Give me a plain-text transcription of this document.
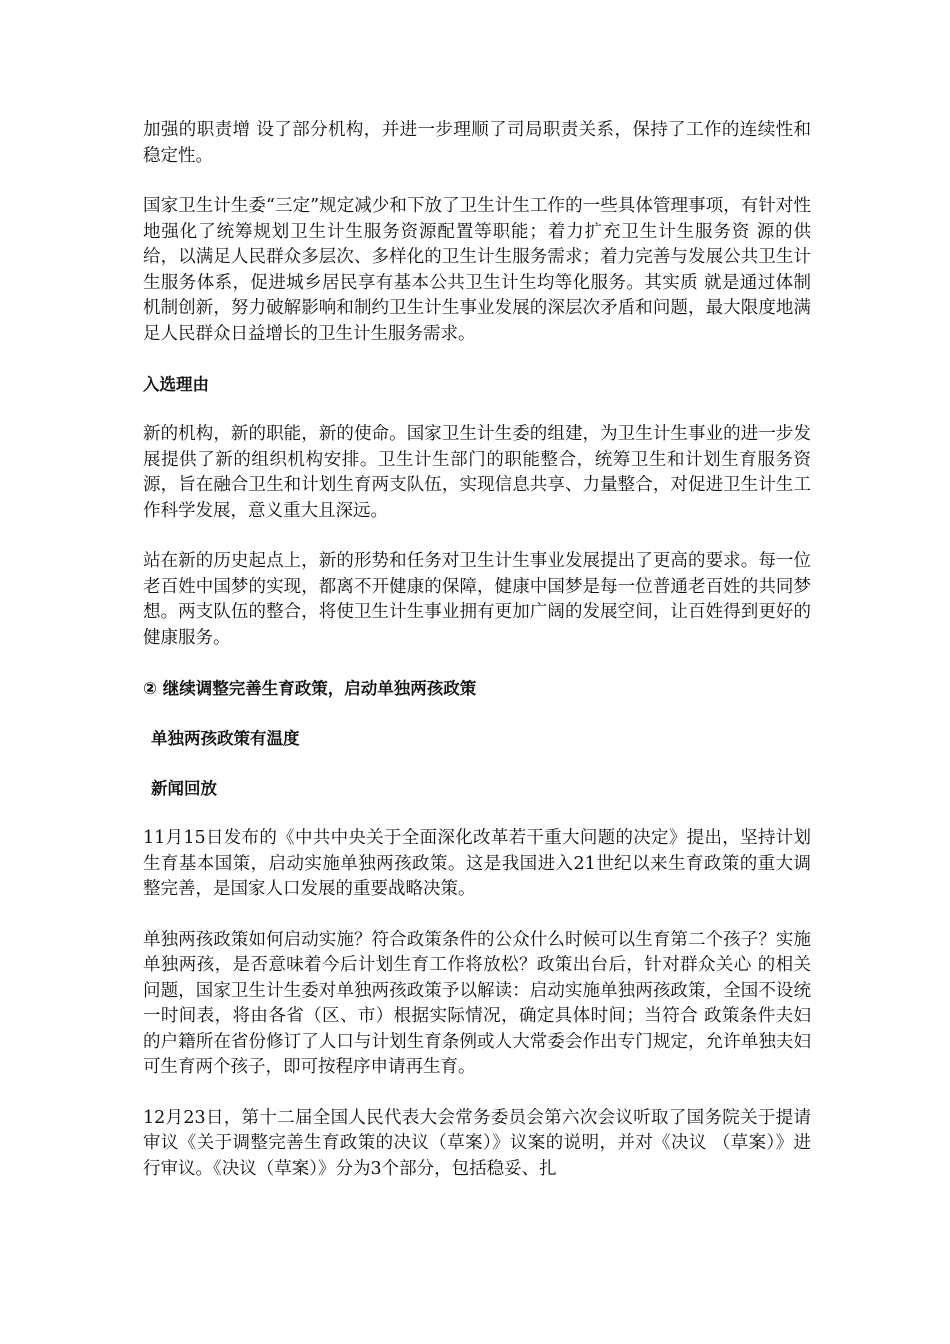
加强的职责增 设了部分机构，并进一步理顺了司局职责关系，保持了工作的连续性和稳定性。

国家卫生计生委“三定”规定减少和下放了卫生计生工作的一些具体管理事项，有针对性地强化了统筹规划卫生计生服务资源配置等职能；着力扩充卫生计生服务资 源的供给，以满足人民群众多层次、多样化的卫生计生服务需求；着力完善与发展公共卫生计生服务体系，促进城乡居民享有基本公共卫生计生均等化服务。其实质 就是通过体制机制创新，努力破解影响和制约卫生计生事业发展的深层次矛盾和问题，最大限度地满足人民群众日益增长的卫生计生服务需求。

入选理由

新的机构，新的职能，新的使命。国家卫生计生委的组建，为卫生计生事业的进一步发展提供了新的组织机构安排。卫生计生部门的职能整合，统筹卫生和计划生育服务资源，旨在融合卫生和计划生育两支队伍，实现信息共享、力量整合，对促进卫生计生工作科学发展，意义重大且深远。

站在新的历史起点上，新的形势和任务对卫生计生事业发展提出了更高的要求。每一位老百姓中国梦的实现，都离不开健康的保障，健康中国梦是每一位普通老百姓的共同梦想。两支队伍的整合，将使卫生计生事业拥有更加广阔的发展空间，让百姓得到更好的健康服务。

② 继续调整完善生育政策，启动单独两孩政策
单独两孩政策有温度
新闻回放

11月15日发布的《中共中央关于全面深化改革若干重大问题的决定》提出，坚持计划生育基本国策，启动实施单独两孩政策。这是我国进入21世纪以来生育政策的重大调整完善，是国家人口发展的重要战略决策。

单独两孩政策如何启动实施？符合政策条件的公众什么时候可以生育第二个孩子？实施单独两孩，是否意味着今后计划生育工作将放松？政策出台后，针对群众关心 的相关问题，国家卫生计生委对单独两孩政策予以解读：启动实施单独两孩政策，全国不设统一时间表，将由各省（区、市）根据实际情况，确定具体时间；当符合 政策条件夫妇的户籍所在省份修订了人口与计划生育条例或人大常委会作出专门规定，允许单独夫妇可生育两个孩子，即可按程序申请再生育。

12月23日，第十二届全国人民代表大会常务委员会第六次会议听取了国务院关于提请审议《关于调整完善生育政策的决议（草案）》议案的说明，并对《决议 （草案）》进行审议。《决议（草案）》分为3个部分，包括稳妥、扎
